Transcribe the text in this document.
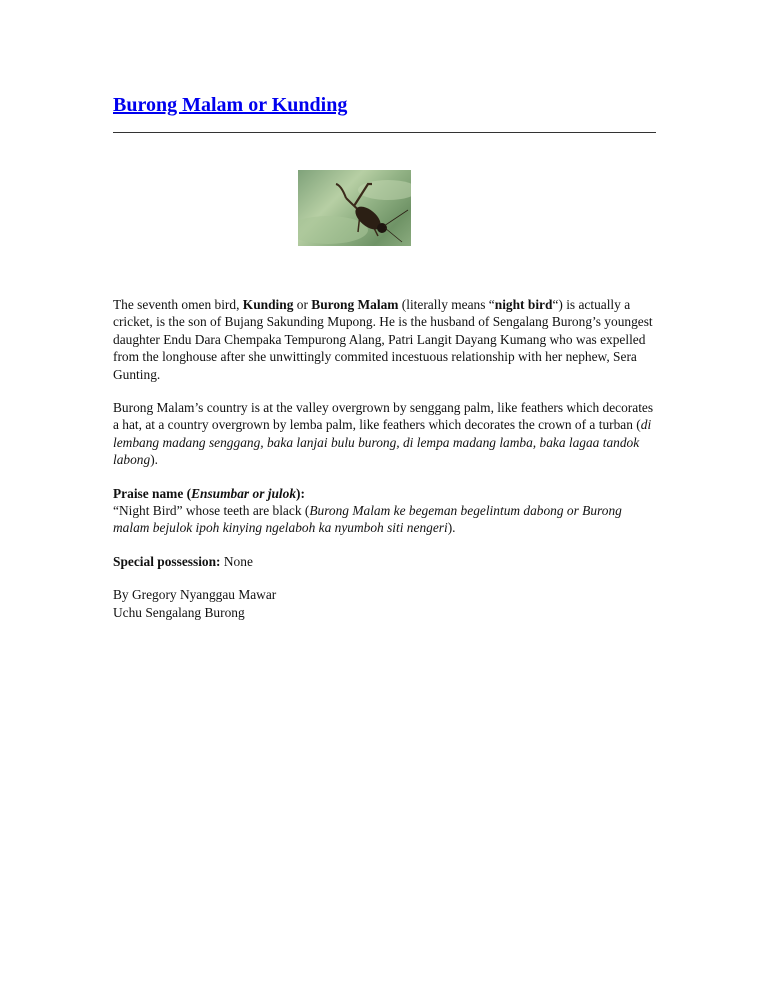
Burong Malam or Kunding

The seventh omen bird, Kunding or Burong Malam (literally means “night bird“) is actually a cricket, is the son of Bujang Sakunding Mupong. He is the husband of Sengalang Burong’s youngest daughter Endu Dara Chempaka Tempurong Alang, Patri Langit Dayang Kumang who was expelled from the longhouse after she unwittingly commited incestuous relationship with her nephew, Sera Gunting.

Burong Malam’s country is at the valley overgrown by senggang palm, like feathers which decorates a hat, at a country overgrown by lemba palm, like feathers which decorates the crown of a turban (di lembang madang senggang, baka lanjai bulu burong, di lempa madang lamba, baka lagaa tandok labong).

Praise name (Ensumbar or julok):

“Night Bird” whose teeth are black (Burong Malam ke begeman begelintum dabong or Burong malam bejulok ipoh kinying ngelaboh ka nyumboh siti nengeri).

Special possession: None

By Gregory Nyanggau Mawar

Uchu Sengalang Burong
